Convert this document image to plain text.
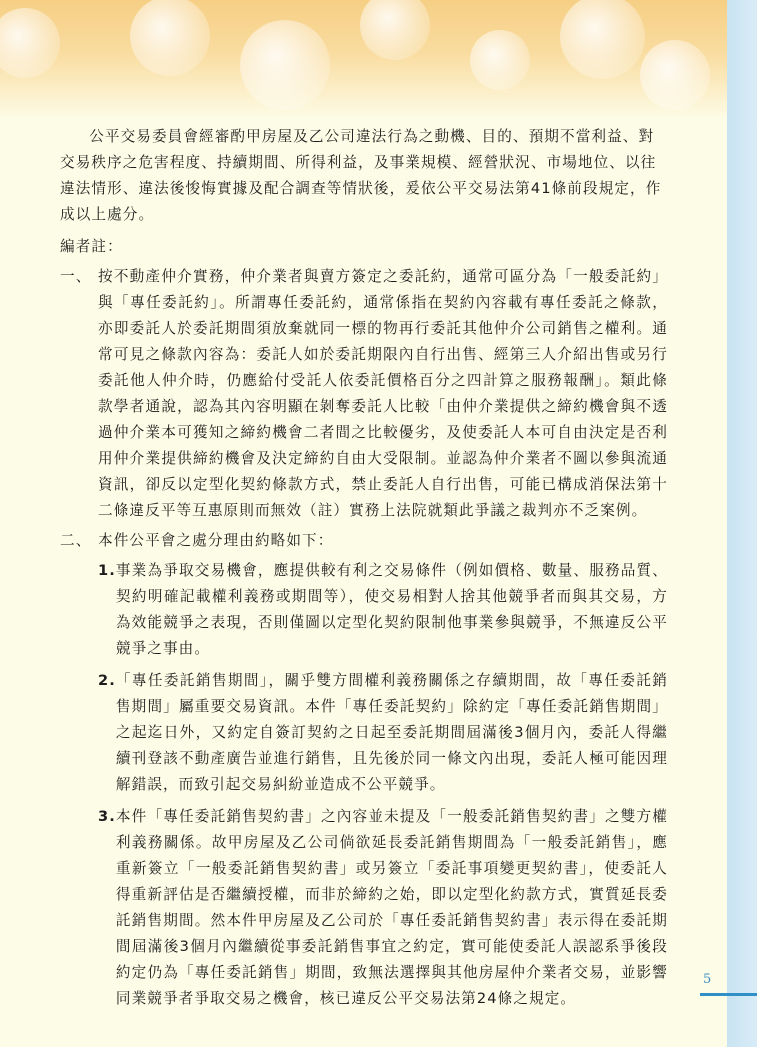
公平交易委員會經審酌甲房屋及乙公司違法行為之動機、目的、預期不當利益、對交易秩序之危害程度、持續期間、所得利益，及事業規模、經營狀況、市場地位、以往違法情形、違法後悛悔實據及配合調查等情狀後，爰依公平交易法第41條前段規定，作成以上處分。

編者註：

一、 按不動產仲介實務，仲介業者與賣方簽定之委託約，通常可區分為「一般委託約」與「專任委託約」。所謂專任委託約，通常係指在契約內容載有專任委託之條款，亦即委託人於委託期間須放棄就同一標的物再行委託其他仲介公司銷售之權利。通常可見之條款內容為：委託人如於委託期限內自行出售、經第三人介紹出售或另行委託他人仲介時，仍應給付受託人依委託價格百分之四計算之服務報酬」。類此條款學者通說，認為其內容明顯在剝奪委託人比較「由仲介業提供之締約機會與不透過仲介業本可獲知之締約機會二者間之比較優劣，及使委託人本可自由決定是否利用仲介業提供締約機會及決定締約自由大受限制。並認為仲介業者不圖以參與流通資訊，卻反以定型化契約條款方式，禁止委託人自行出售，可能已構成消保法第十二條違反平等互惠原則而無效（註）實務上法院就類此爭議之裁判亦不乏案例。
二、 本件公平會之處分理由約略如下：
1. 事業為爭取交易機會，應提供較有利之交易條件（例如價格、數量、服務品質、契約明確記載權利義務或期間等），使交易相對人捨其他競爭者而與其交易，方為效能競爭之表現，否則僅圖以定型化契約限制他事業參與競爭，不無違反公平競爭之事由。
2. 「專任委託銷售期間」，關乎雙方間權利義務關係之存續期間，故「專任委託銷售期間」屬重要交易資訊。本件「專任委託契約」除約定「專任委託銷售期間」之起迄日外，又約定自簽訂契約之日起至委託期間屆滿後3個月內，委託人得繼續刊登該不動產廣告並進行銷售，且先後於同一條文內出現，委託人極可能因理解錯誤，而致引起交易糾紛並造成不公平競爭。
3. 本件「專任委託銷售契約書」之內容並未提及「一般委託銷售契約書」之雙方權利義務關係。故甲房屋及乙公司倘欲延長委託銷售期間為「一般委託銷售」，應重新簽立「一般委託銷售契約書」或另簽立「委託事項變更契約書」，使委託人得重新評估是否繼續授權，而非於締約之始，即以定型化約款方式，實質延長委託銷售期間。然本件甲房屋及乙公司於「專任委託銷售契約書」表示得在委託期間屆滿後3個月內繼續從事委託銷售事宜之約定，實可能使委託人誤認系爭後段約定仍為「專任委託銷售」期間，致無法選擇與其他房屋仲介業者交易，並影響同業競爭者爭取交易之機會，核已違反公平交易法第24條之規定。
5
